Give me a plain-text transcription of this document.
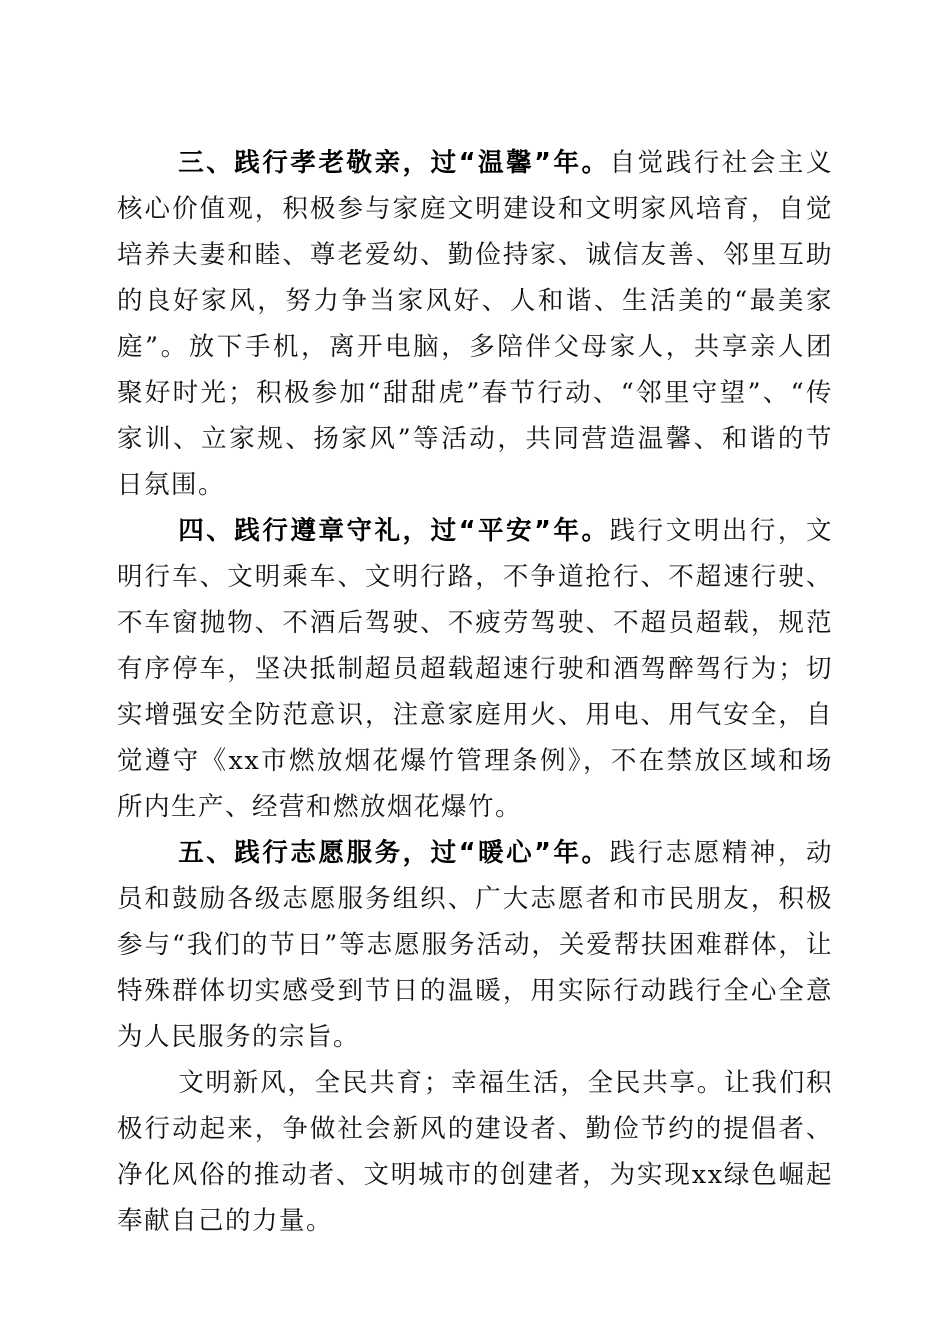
三、践行孝老敬亲，过“温馨”年。自觉践行社会主义核心价值观，积极参与家庭文明建设和文明家风培育，自觉培养夫妻和睦、尊老爱幼、勤俭持家、诚信友善、邻里互助的良好家风，努力争当家风好、人和谐、生活美的“最美家庭”。放下手机，离开电脑，多陪伴父母家人，共享亲人团聚好时光；积极参加“甜甜虎”春节行动、“邻里守望”、“传家训、立家规、扬家风”等活动，共同营造温馨、和谐的节日氛围。

四、践行遵章守礼，过“平安”年。践行文明出行，文明行车、文明乘车、文明行路，不争道抢行、不超速行驶、不车窗抛物、不酒后驾驶、不疲劳驾驶、不超员超载，规范有序停车，坚决抵制超员超载超速行驶和酒驾醉驾行为；切实增强安全防范意识，注意家庭用火、用电、用气安全，自觉遵守《xx市燃放烟花爆竹管理条例》，不在禁放区域和场所内生产、经营和燃放烟花爆竹。

五、践行志愿服务，过“暖心”年。践行志愿精神，动员和鼓励各级志愿服务组织、广大志愿者和市民朋友，积极参与“我们的节日”等志愿服务活动，关爱帮扶困难群体，让特殊群体切实感受到节日的温暖，用实际行动践行全心全意为人民服务的宗旨。

文明新风，全民共育；幸福生活，全民共享。让我们积极行动起来，争做社会新风的建设者、勤俭节约的提倡者、净化风俗的推动者、文明城市的创建者，为实现xx绿色崛起奉献自己的力量。
